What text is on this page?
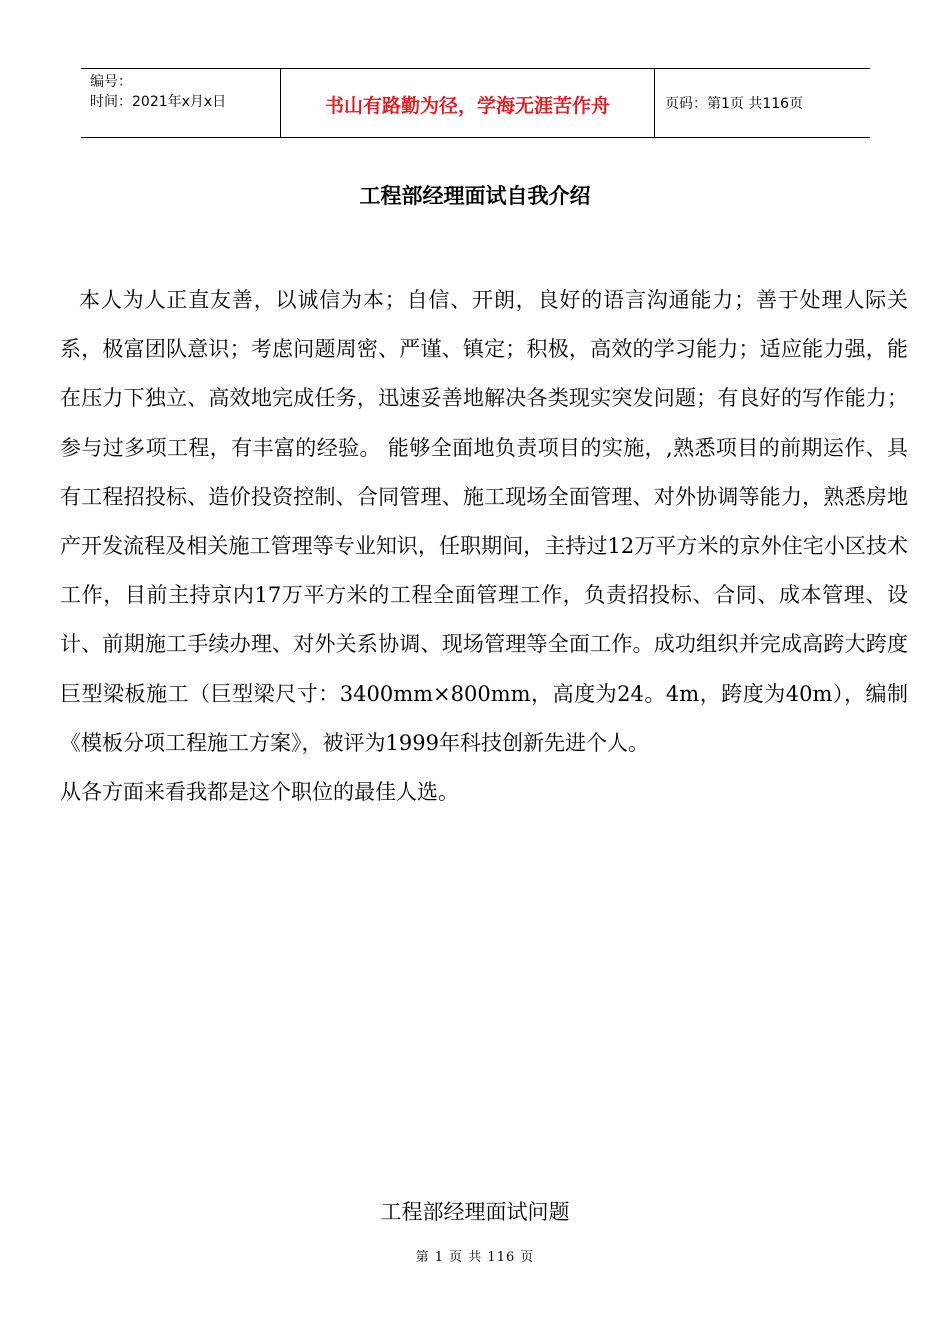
编号：
时间：2021年x月x日	书山有路勤为径，学海无涯苦作舟	页码：第1页 共116页
工程部经理面试自我介绍

本人为人正直友善，以诚信为本；自信、开朗，良好的语言沟通能力；善于处理人际关系，极富团队意识；考虑问题周密、严谨、镇定；积极，高效的学习能力；适应能力强，能在压力下独立、高效地完成任务，迅速妥善地解决各类现实突发问题；有良好的写作能力；参与过多项工程，有丰富的经验。 能够全面地负责项目的实施，,熟悉项目的前期运作、具有工程招投标、造价投资控制、合同管理、施工现场全面管理、对外协调等能力，熟悉房地产开发流程及相关施工管理等专业知识，任职期间，主持过12万平方米的京外住宅小区技术工作，目前主持京内17万平方米的工程全面管理工作，负责招投标、合同、成本管理、设计、前期施工手续办理、对外关系协调、现场管理等全面工作。成功组织并完成高跨大跨度巨型梁板施工（巨型梁尺寸：3400mm×800mm，高度为24。4m，跨度为40m），编制《模板分项工程施工方案》，被评为1999年科技创新先进个人。

从各方面来看我都是这个职位的最佳人选。

工程部经理面试问题
第 1 页 共 116 页
